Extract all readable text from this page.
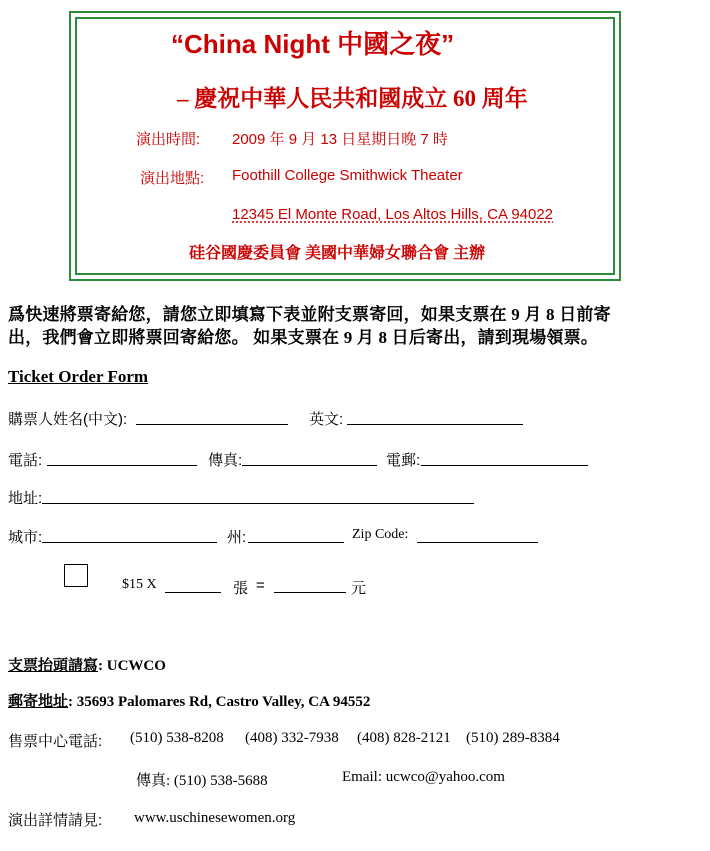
“China Night 中國之夜”
– 慶祝中華人民共和國成立 60 周年
演出時間: 2009 年 9 月 13 日星期日晚 7 時
演出地點: Foothill College Smithwick Theater
12345 El Monte Road, Los Altos Hills, CA 94022
硅谷國慶委員會 美國中華婦女聯合會 主辦
爲快速將票寄給您，請您立即填寫下表並附支票寄回，如果支票在 9 月 8 日前寄
出，我們會立即將票回寄給您。 如果支票在 9 月 8 日后寄出，請到現場領票。
Ticket Order Form
購票人姓名(中文):	英文:
電話:	傳真:	電郵:
地址:
城市:	州:	Zip Code:
$15 X	張 =	元
支票抬頭請寫: UCWCO
郵寄地址: 35693 Palomares Rd, Castro Valley, CA 94552
售票中心電話: (510) 538-8208 (408) 332-7938 (408) 828-2121 (510) 289-8384
傳真: (510) 538-5688	Email: ucwco@yahoo.com
演出詳情請見: www.uschinesewomen.org
